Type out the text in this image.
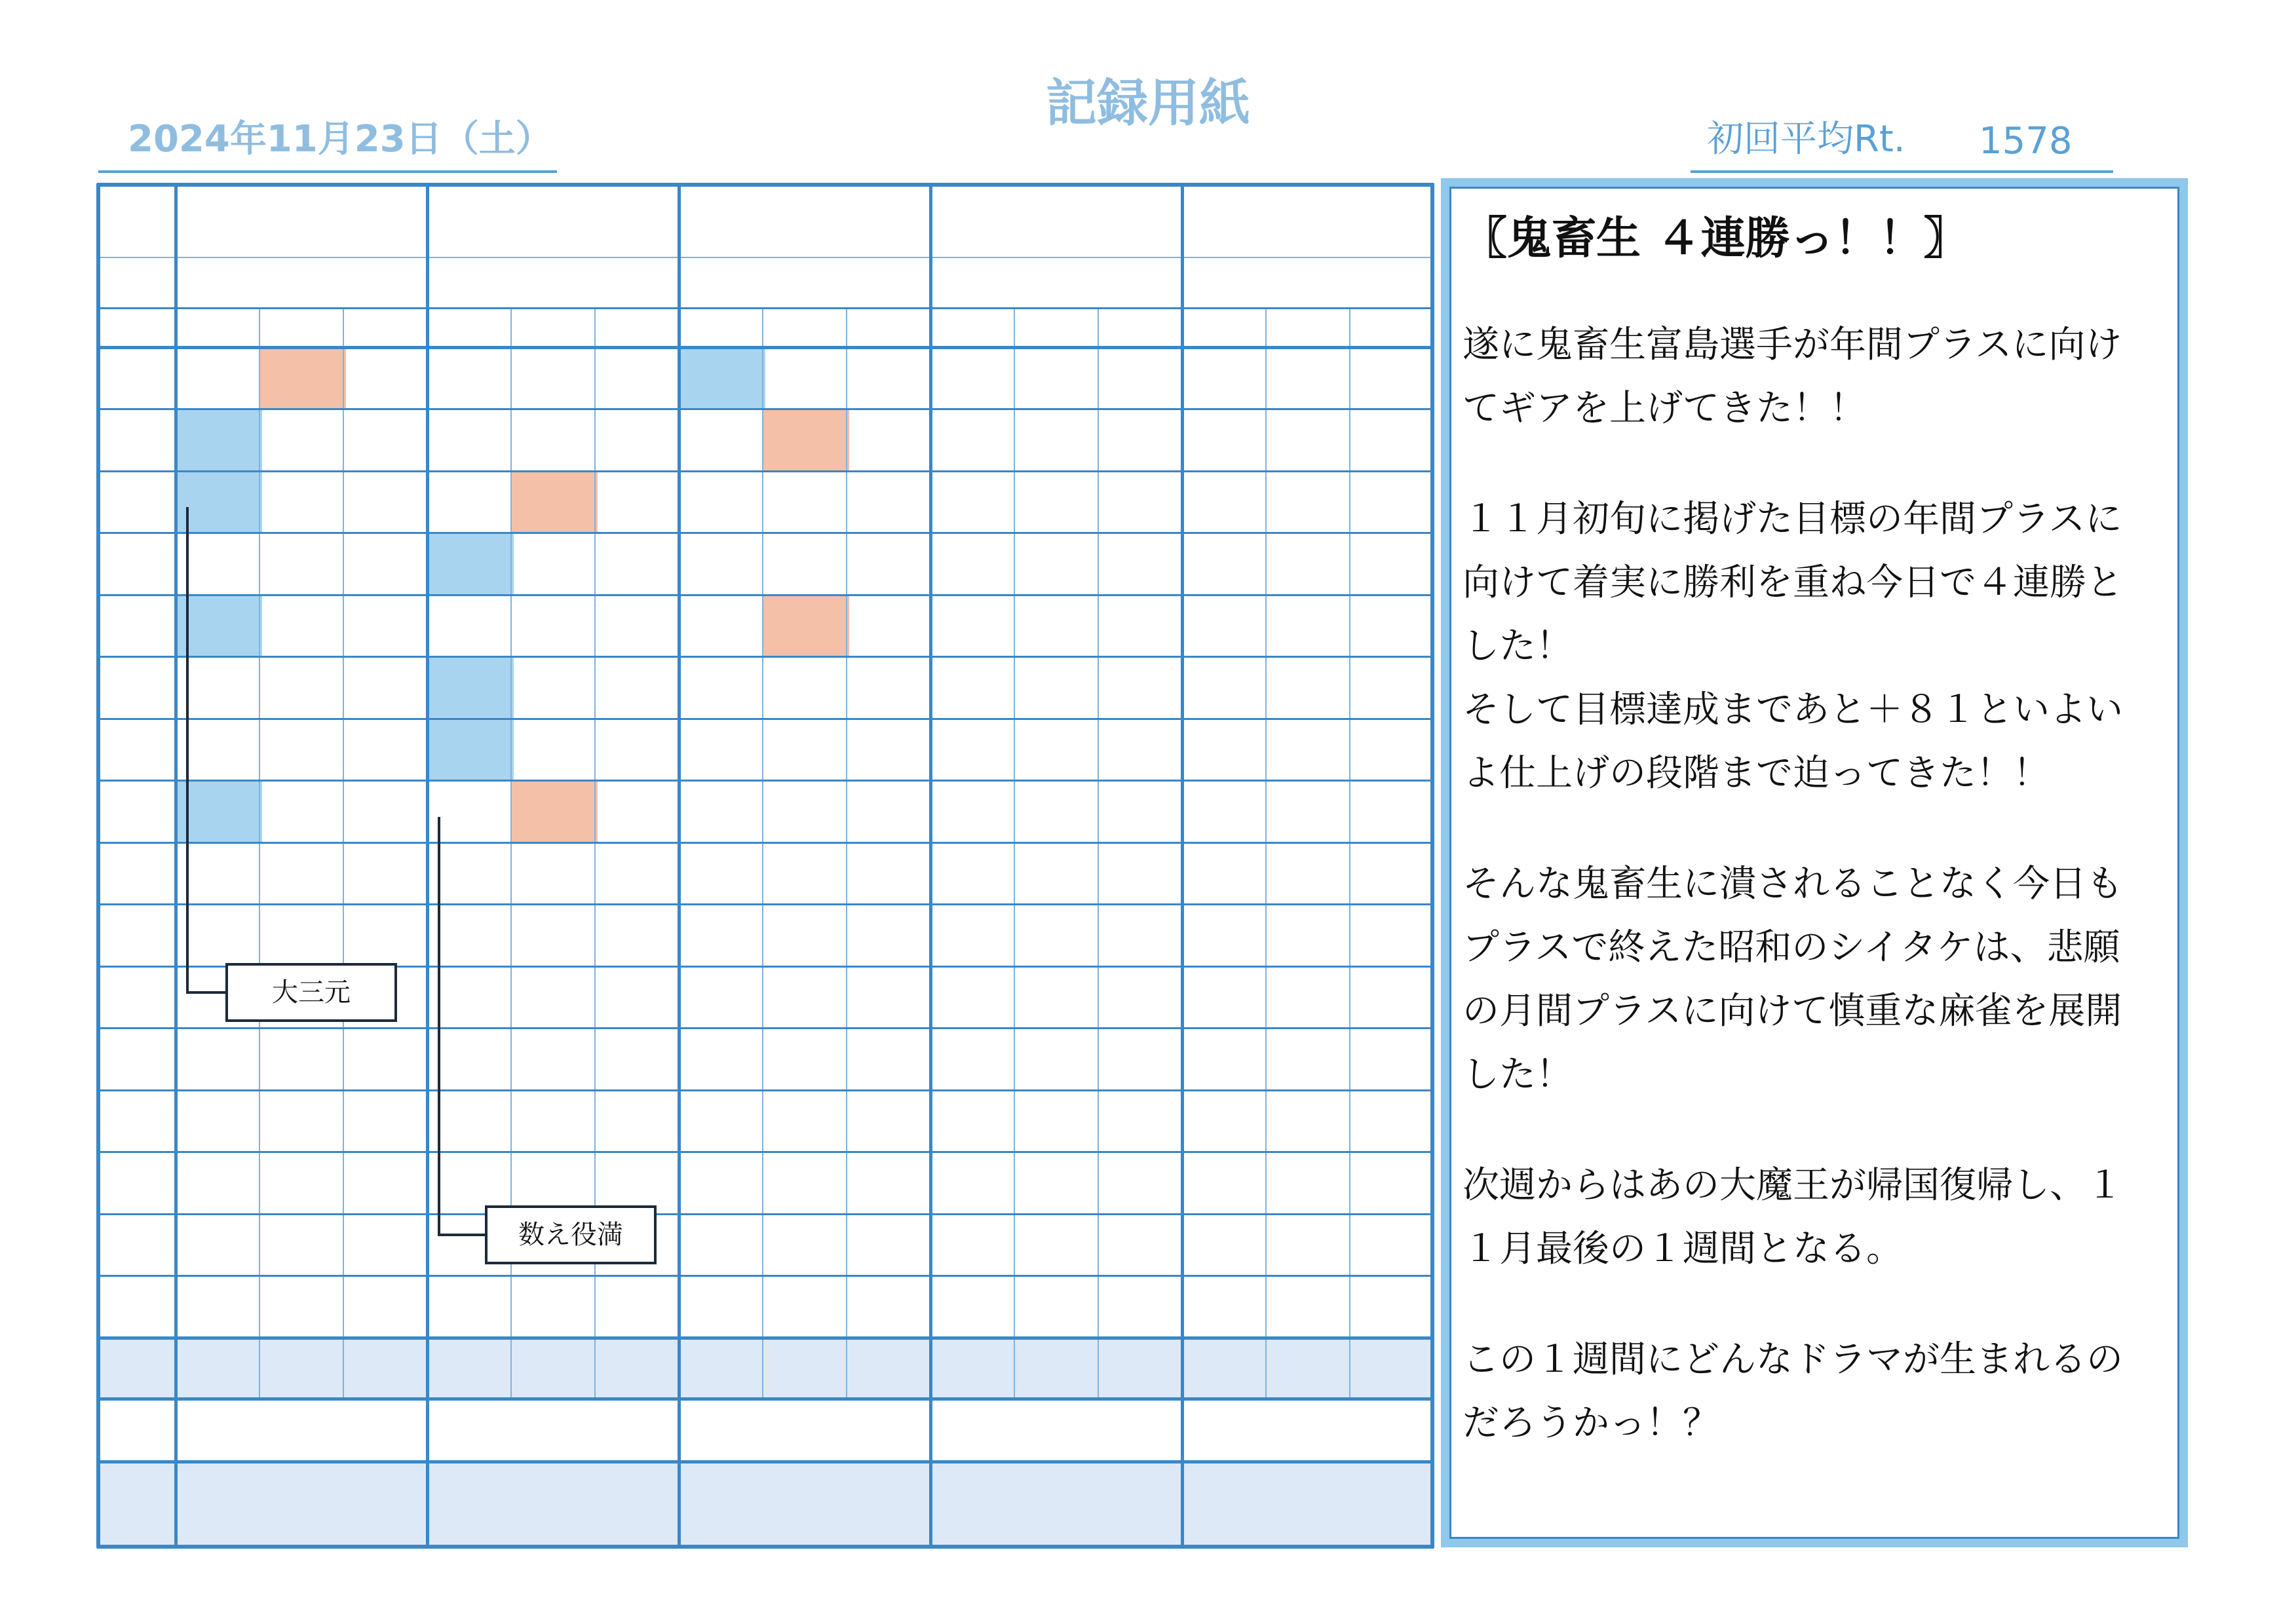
記録用紙
2024年11月23日（土）	初回平均Rt. 1578
大三元
数え役満
〖鬼畜生 ４連勝っ！！〗

遂に鬼畜生富島選手が年間プラスに向け
てギアを上げてきた！！

１１月初旬に掲げた目標の年間プラスに
向けて着実に勝利を重ね今日で４連勝と
した！
そして目標達成まであと＋８１といよい
よ仕上げの段階まで迫ってきた！！

そんな鬼畜生に潰されることなく今日も
プラスで終えた昭和のシイタケは、悲願
の月間プラスに向けて慎重な麻雀を展開
した！

次週からはあの大魔王が帰国復帰し、１
１月最後の１週間となる。

この１週間にどんなドラマが生まれるの
だろうかっ！？
